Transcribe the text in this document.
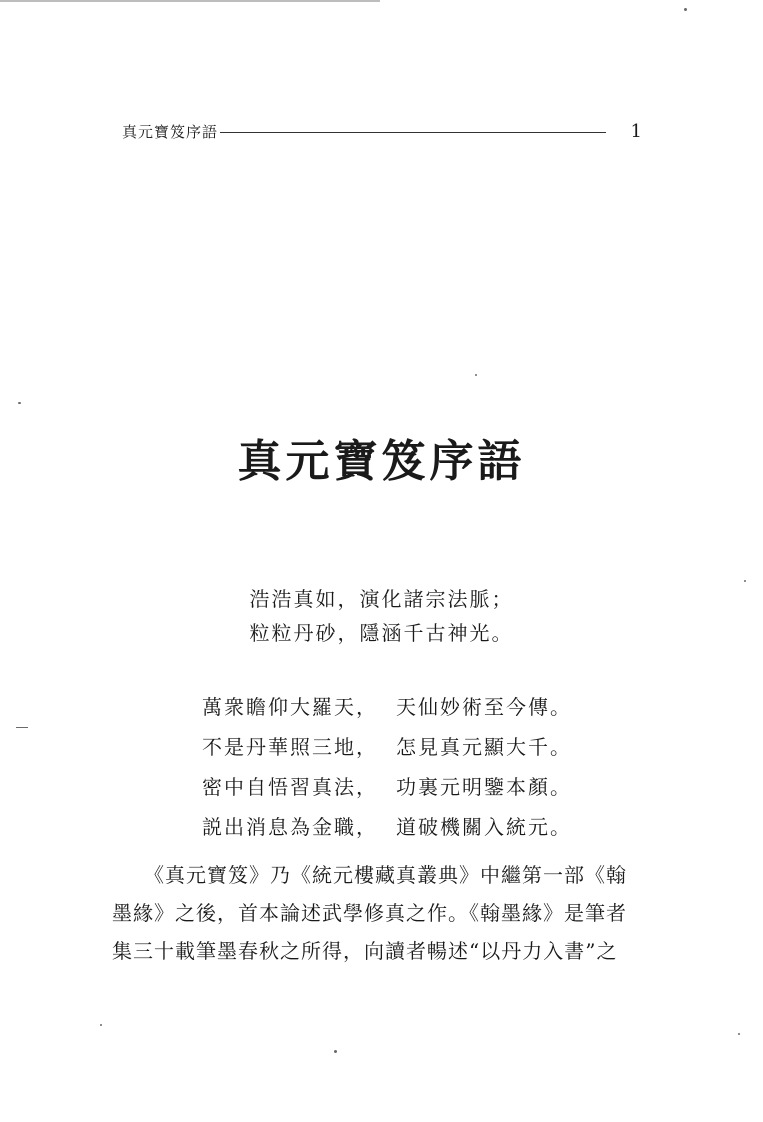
真元寶笈序語	1
真元寶笈序語
浩浩真如，演化諸宗法脈；
粒粒丹砂，隱涵千古神光。
萬衆瞻仰大羅天， 天仙妙術至今傳。
不是丹華照三地， 怎見真元顯大千。
密中自悟習真法， 功裏元明鑒本顏。
説出消息為金職， 道破機關入統元。
《真元寶笈》乃《統元樓藏真叢典》中繼第一部《翰
墨緣》之後，首本論述武學修真之作。《翰墨緣》是筆者
集三十載筆墨春秋之所得，向讀者暢述“以丹力入書”之
